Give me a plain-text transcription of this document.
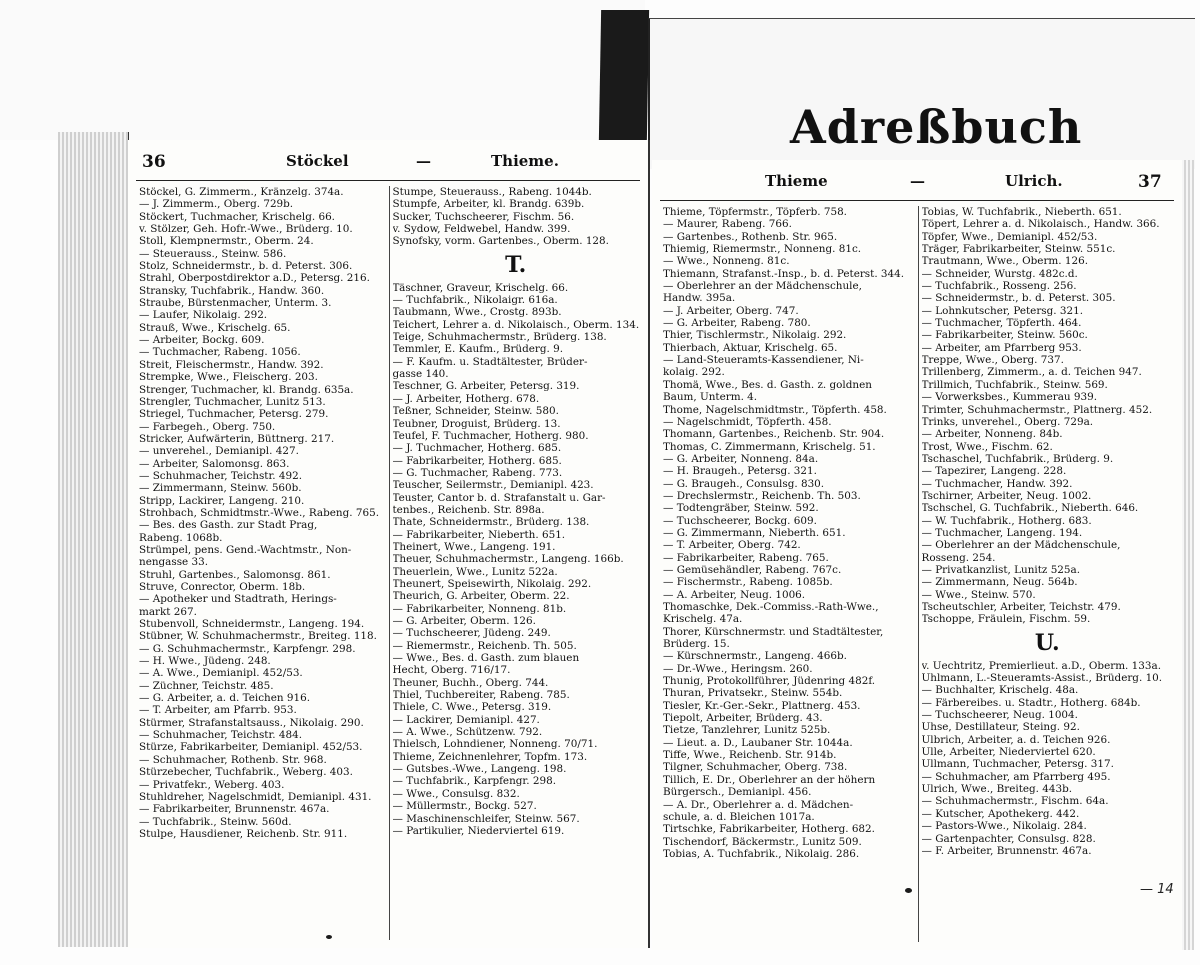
Adreßbuch
36	Stöckel	—	Thieme.
Stöckel, G. Zimmerm., Kränzelg. 374a.
— J. Zimmerm., Oberg. 729b.
Stöckert, Tuchmacher, Krischelg. 66.
v. Stölzer, Geh. Hofr.-Wwe., Brüderg. 10.
Stoll, Klempnermstr., Oberm. 24.
— Steuerauss., Steinw. 586.
Stolz, Schneidermstr., b. d. Peterst. 306.
Strahl, Oberpostdirektor a.D., Petersg. 216.
Stransky, Tuchfabrik., Handw. 360.
Straube, Bürstenmacher, Unterm. 3.
— Laufer, Nikolaig. 292.
Strauß, Wwe., Krischelg. 65.
— Arbeiter, Bockg. 609.
— Tuchmacher, Rabeng. 1056.
Streit, Fleischermstr., Handw. 392.
Strempke, Wwe., Fleischerg. 203.
Strenger, Tuchmacher, kl. Brandg. 635a.
Strengler, Tuchmacher, Lunitz 513.
Striegel, Tuchmacher, Petersg. 279.
— Farbegeh., Oberg. 750.
Stricker, Aufwärterin, Büttnerg. 217.
— unverehel., Demianipl. 427.
— Arbeiter, Salomonsg. 863.
— Schuhmacher, Teichstr. 492.
— Zimmermann, Steinw. 560b.
Stripp, Lackirer, Langeng. 210.
Strohbach, Schmidtmstr.-Wwe., Rabeng. 765.
— Bes. des Gasth. zur Stadt Prag,
Rabeng. 1068b.
Strümpel, pens. Gend.-Wachtmstr., Non-
nengasse 33.
Struhl, Gartenbes., Salomonsg. 861.
Struve, Conrector, Oberm. 18b.
— Apotheker und Stadtrath, Herings-
markt 267.
Stubenvoll, Schneidermstr., Langeng. 194.
Stübner, W. Schuhmachermstr., Breiteg. 118.
— G. Schuhmachermstr., Karpfengr. 298.
— H. Wwe., Jüdeng. 248.
— A. Wwe., Demianipl. 452/53.
— Züchner, Teichstr. 485.
— G. Arbeiter, a. d. Teichen 916.
— T. Arbeiter, am Pfarrb. 953.
Stürmer, Strafanstaltsauss., Nikolaig. 290.
— Schuhmacher, Teichstr. 484.
Stürze, Fabrikarbeiter, Demianipl. 452/53.
— Schuhmacher, Rothenb. Str. 968.
Stürzebecher, Tuchfabrik., Weberg. 403.
— Privatfekr., Weberg. 403.
Stuhldreher, Nagelschmidt, Demianipl. 431.
— Fabrikarbeiter, Brunnenstr. 467a.
— Tuchfabrik., Steinw. 560d.
Stulpe, Hausdiener, Reichenb. Str. 911.
Stumpe, Steuerauss., Rabeng. 1044b.
Stumpfe, Arbeiter, kl. Brandg. 639b.
Sucker, Tuchscheerer, Fischm. 56.
v. Sydow, Feldwebel, Handw. 399.
Synofsky, vorm. Gartenbes., Oberm. 128.
T.
Täschner, Graveur, Krischelg. 66.
— Tuchfabrik., Nikolaigr. 616a.
Taubmann, Wwe., Crostg. 893b.
Teichert, Lehrer a. d. Nikolaisch., Oberm. 134.
Teige, Schuhmachermstr., Brüderg. 138.
Temmler, E. Kaufm., Brüderg. 9.
— F. Kaufm. u. Stadtältester, Brüder-
gasse 140.
Teschner, G. Arbeiter, Petersg. 319.
— J. Arbeiter, Hotherg. 678.
Teßner, Schneider, Steinw. 580.
Teubner, Droguist, Brüderg. 13.
Teufel, F. Tuchmacher, Hotherg. 980.
— J. Tuchmacher, Hotherg. 685.
— Fabrikarbeiter, Hotherg. 685.
— G. Tuchmacher, Rabeng. 773.
Teuscher, Seilermstr., Demianipl. 423.
Teuster, Cantor b. d. Strafanstalt u. Gar-
tenbes., Reichenb. Str. 898a.
Thate, Schneidermstr., Brüderg. 138.
— Fabrikarbeiter, Nieberth. 651.
Theinert, Wwe., Langeng. 191.
Theuer, Schuhmachermstr., Langeng. 166b.
Theuerlein, Wwe., Lunitz 522a.
Theunert, Speisewirth, Nikolaig. 292.
Theurich, G. Arbeiter, Oberm. 22.
— Fabrikarbeiter, Nonneng. 81b.
— G. Arbeiter, Oberm. 126.
— Tuchscheerer, Jüdeng. 249.
— Riemermstr., Reichenb. Th. 505.
— Wwe., Bes. d. Gasth. zum blauen
Hecht, Oberg. 716/17.
Theuner, Buchh., Oberg. 744.
Thiel, Tuchbereiter, Rabeng. 785.
Thiele, C. Wwe., Petersg. 319.
— Lackirer, Demianipl. 427.
— A. Wwe., Schützenw. 792.
Thielsch, Lohndiener, Nonneng. 70/71.
Thieme, Zeichnenlehrer, Topfm. 173.
— Gutsbes.-Wwe., Langeng. 198.
— Tuchfabrik., Karpfengr. 298.
— Wwe., Consulsg. 832.
— Müllermstr., Bockg. 527.
— Maschinenschleifer, Steinw. 567.
— Partikulier, Niederviertel 619.
Thieme	—	Ulrich.	37
Thieme, Töpfermstr., Töpferb. 758.
— Maurer, Rabeng. 766.
— Gartenbes., Rothenb. Str. 965.
Thiemig, Riemermstr., Nonneng. 81c.
— Wwe., Nonneng. 81c.
Thiemann, Strafanst.-Insp., b. d. Peterst. 344.
— Oberlehrer an der Mädchenschule,
Handw. 395a.
— J. Arbeiter, Oberg. 747.
— G. Arbeiter, Rabeng. 780.
Thier, Tischlermstr., Nikolaig. 292.
Thierbach, Aktuar, Krischelg. 65.
— Land-Steueramts-Kassendiener, Ni-
kolaig. 292.
Thomä, Wwe., Bes. d. Gasth. z. goldnen
Baum, Unterm. 4.
Thome, Nagelschmidtmstr., Töpferth. 458.
— Nagelschmidt, Töpferth. 458.
Thomann, Gartenbes., Reichenb. Str. 904.
Thomas, C. Zimmermann, Krischelg. 51.
— G. Arbeiter, Nonneng. 84a.
— H. Braugeh., Petersg. 321.
— G. Braugeh., Consulsg. 830.
— Drechslermstr., Reichenb. Th. 503.
— Todtengräber, Steinw. 592.
— Tuchscheerer, Bockg. 609.
— G. Zimmermann, Nieberth. 651.
— T. Arbeiter, Oberg. 742.
— Fabrikarbeiter, Rabeng. 765.
— Gemüsehändler, Rabeng. 767c.
— Fischermstr., Rabeng. 1085b.
— A. Arbeiter, Neug. 1006.
Thomaschke, Dek.-Commiss.-Rath-Wwe.,
Krischelg. 47a.
Thorer, Kürschnermstr. und Stadtältester,
Brüderg. 15.
— Kürschnermstr., Langeng. 466b.
— Dr.-Wwe., Heringsm. 260.
Thunig, Protokollführer, Jüdenring 482f.
Thuran, Privatsekr., Steinw. 554b.
Tiesler, Kr.-Ger.-Sekr., Plattnerg. 453.
Tiepolt, Arbeiter, Brüderg. 43.
Tietze, Tanzlehrer, Lunitz 525b.
— Lieut. a. D., Laubaner Str. 1044a.
Tiffe, Wwe., Reichenb. Str. 914b.
Tilgner, Schuhmacher, Oberg. 738.
Tillich, E. Dr., Oberlehrer an der höhern
Bürgersch., Demianipl. 456.
— A. Dr., Oberlehrer a. d. Mädchen-
schule, a. d. Bleichen 1017a.
Tirtschke, Fabrikarbeiter, Hotherg. 682.
Tischendorf, Bäckermstr., Lunitz 509.
Tobias, A. Tuchfabrik., Nikolaig. 286.
Tobias, W. Tuchfabrik., Nieberth. 651.
Töpert, Lehrer a. d. Nikolaisch., Handw. 366.
Töpfer, Wwe., Demianipl. 452/53.
Träger, Fabrikarbeiter, Steinw. 551c.
Trautmann, Wwe., Oberm. 126.
— Schneider, Wurstg. 482c.d.
— Tuchfabrik., Rosseng. 256.
— Schneidermstr., b. d. Peterst. 305.
— Lohnkutscher, Petersg. 321.
— Tuchmacher, Töpferth. 464.
— Fabrikarbeiter, Steinw. 560c.
— Arbeiter, am Pfarrberg 953.
Treppe, Wwe., Oberg. 737.
Trillenberg, Zimmerm., a. d. Teichen 947.
Trillmich, Tuchfabrik., Steinw. 569.
— Vorwerksbes., Kummerau 939.
Trimter, Schuhmachermstr., Plattnerg. 452.
Trinks, unverehel., Oberg. 729a.
— Arbeiter, Nonneng. 84b.
Trost, Wwe., Fischm. 62.
Tschaschel, Tuchfabrik., Brüderg. 9.
— Tapezirer, Langeng. 228.
— Tuchmacher, Handw. 392.
Tschirner, Arbeiter, Neug. 1002.
Tschschel, G. Tuchfabrik., Nieberth. 646.
— W. Tuchfabrik., Hotherg. 683.
— Tuchmacher, Langeng. 194.
— Oberlehrer an der Mädchenschule,
Rosseng. 254.
— Privatkanzlist, Lunitz 525a.
— Zimmermann, Neug. 564b.
— Wwe., Steinw. 570.
Tscheutschler, Arbeiter, Teichstr. 479.
Tschoppe, Fräulein, Fischm. 59.
U.
v. Uechtritz, Premierlieut. a.D., Oberm. 133a.
Uhlmann, L.-Steueramts-Assist., Brüderg. 10.
— Buchhalter, Krischelg. 48a.
— Färbereibes. u. Stadtr., Hotherg. 684b.
— Tuchscheerer, Neug. 1004.
Uhse, Destillateur, Steing. 92.
Ulbrich, Arbeiter, a. d. Teichen 926.
Ulle, Arbeiter, Niederviertel 620.
Ullmann, Tuchmacher, Petersg. 317.
— Schuhmacher, am Pfarrberg 495.
Ulrich, Wwe., Breiteg. 443b.
— Schuhmachermstr., Fischm. 64a.
— Kutscher, Apothekerg. 442.
— Pastors-Wwe., Nikolaig. 284.
— Gartenpachter, Consulsg. 828.
— F. Arbeiter, Brunnenstr. 467a.
— 14
